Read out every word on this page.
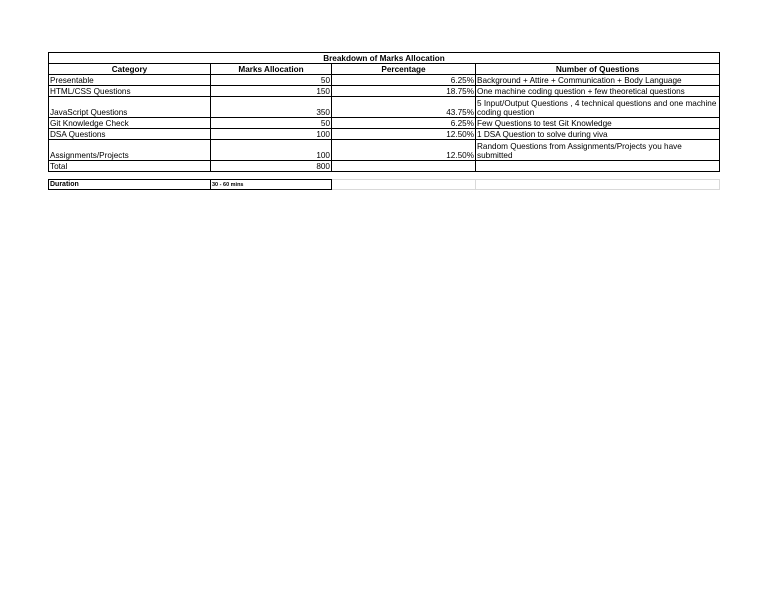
Breakdown of Marks Allocation			
Category	Marks Allocation	Percentage	Number of Questions
Presentable	50	6.25%	Background + Attire + Communication + Body Language
HTML/CSS Questions	150	18.75%	One machine coding question + few theoretical questions
JavaScript Questions	350	43.75%	5 Input/Output Questions , 4 technical questions and one machine coding question
Git Knowledge Check	50	6.25%	Few Questions to test Git Knowledge
DSA Questions	100	12.50%	1 DSA Question to solve during viva
Assignments/Projects	100	12.50%	Random Questions from Assignments/Projects you have submitted
Total	800		
Duration	30 - 60 mins		
